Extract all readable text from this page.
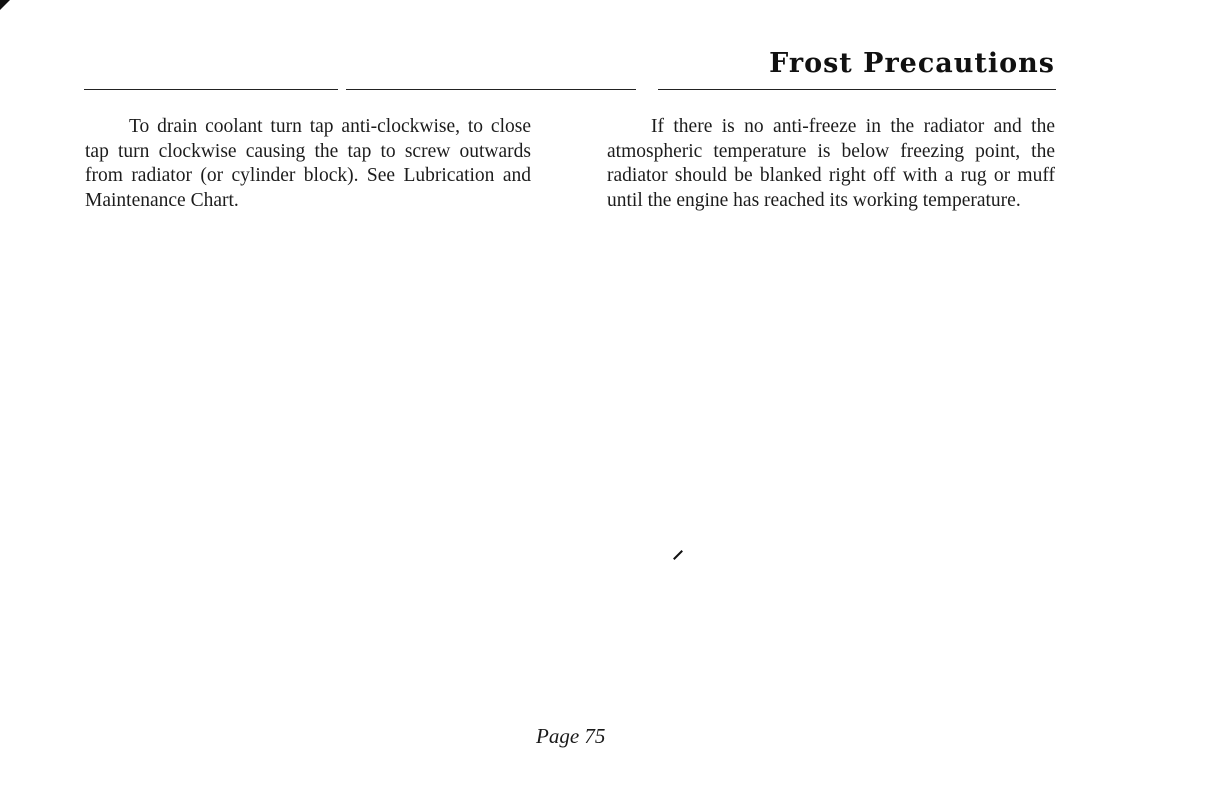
Frost Precautions

To drain coolant turn tap anti-clockwise, to close tap turn clockwise causing the tap to screw outwards from radiator (or cylinder block). See Lubrication and Maintenance Chart.

If there is no anti-freeze in the radiator and the atmospheric temperature is below freezing point, the radiator should be blanked right off with a rug or muff until the engine has reached its working temperature.

Page 75
